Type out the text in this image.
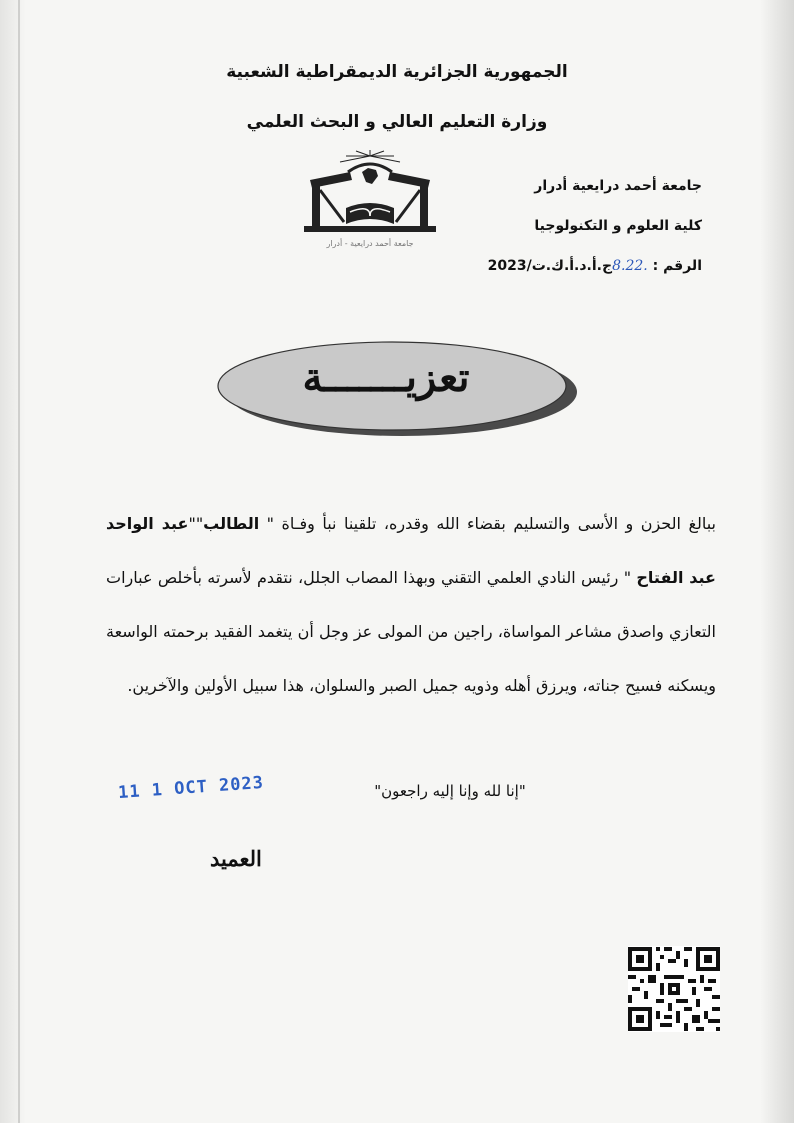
الجمهورية الجزائرية الديمقراطية الشعبية
وزارة التعليم العالي و البحث العلمي
جامعة أحمد درايعية أدرار
كلية العلوم و التكنولوجيا
الرقم : .8.22ج.أ.د.أ.ك.ت/2023
جامعة أحمد درايعية - أدرار
تعزيـــــــة
ببالغ الحزن و الأسى والتسليم بقضاء الله وقدره، تلقينا نبأ وفـاة " الطالب""عبد الواحد عبد الفتاح " رئيس النادي العلمي التقني وبهذا المصاب الجلل، نتقدم لأسرته بأخلص عبارات التعازي واصدق مشاعر المواساة، راجين من المولى عز وجل أن يتغمد الفقيد برحمته الواسعة ويسكنه فسيح جناته، ويرزق أهله وذويه جميل الصبر والسلوان، هذا سبيل الأولين والآخرين.
"إنا لله وإنا إليه راجعون"
11 1 OCT 2023
العميد
